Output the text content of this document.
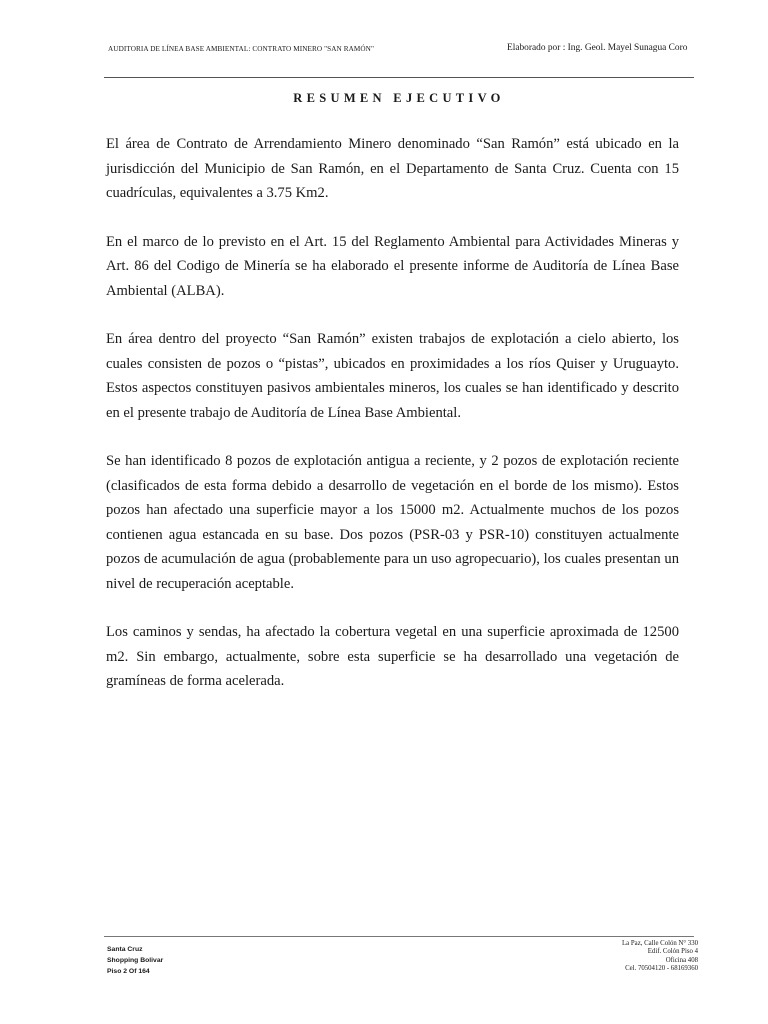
AUDITORIA DE LÍNEA BASE AMBIENTAL: CONTRATO MINERO "SAN RAMÓN"	Elaborado por : Ing. Geol. Mayel Sunagua Coro
RESUMEN EJECUTIVO

El área de Contrato de Arrendamiento Minero denominado “San Ramón” está ubicado en la jurisdicción del Municipio de San Ramón, en el Departamento de Santa Cruz. Cuenta con 15 cuadrículas, equivalentes a 3.75 Km2.

En el marco de lo previsto en el Art. 15 del Reglamento Ambiental para Actividades Mineras y Art. 86 del Codigo de Minería se ha elaborado el presente informe de Auditoría de Línea Base Ambiental (ALBA).

En área dentro del proyecto “San Ramón” existen trabajos de explotación a cielo abierto, los cuales consisten de pozos o “pistas”, ubicados en proximidades a los ríos Quiser y Uruguayto. Estos aspectos constituyen pasivos ambientales mineros, los cuales se han identificado y descrito en el presente trabajo de Auditoría de Línea Base Ambiental.

Se han identificado 8 pozos de explotación antigua a reciente, y 2 pozos de explotación reciente (clasificados de esta forma debido a desarrollo de vegetación en el borde de los mismo). Estos pozos han afectado una superficie mayor a los 15000 m2. Actualmente muchos de los pozos contienen agua estancada en su base. Dos pozos (PSR-03 y PSR-10) constituyen actualmente pozos de acumulación de agua (probablemente para un uso agropecuario), los cuales presentan un nivel de recuperación aceptable.

Los caminos y sendas, ha afectado la cobertura vegetal en una superficie aproximada de 12500 m2. Sin embargo, actualmente, sobre esta superficie se ha desarrollado una vegetación de gramíneas de forma acelerada.

Santa Cruz
Shopping Bolivar
Piso 2 Of 164
La Paz, Calle Colón N° 330
Edif. Colón Piso 4
Oficina 408
Cel. 70504120 - 68169360
